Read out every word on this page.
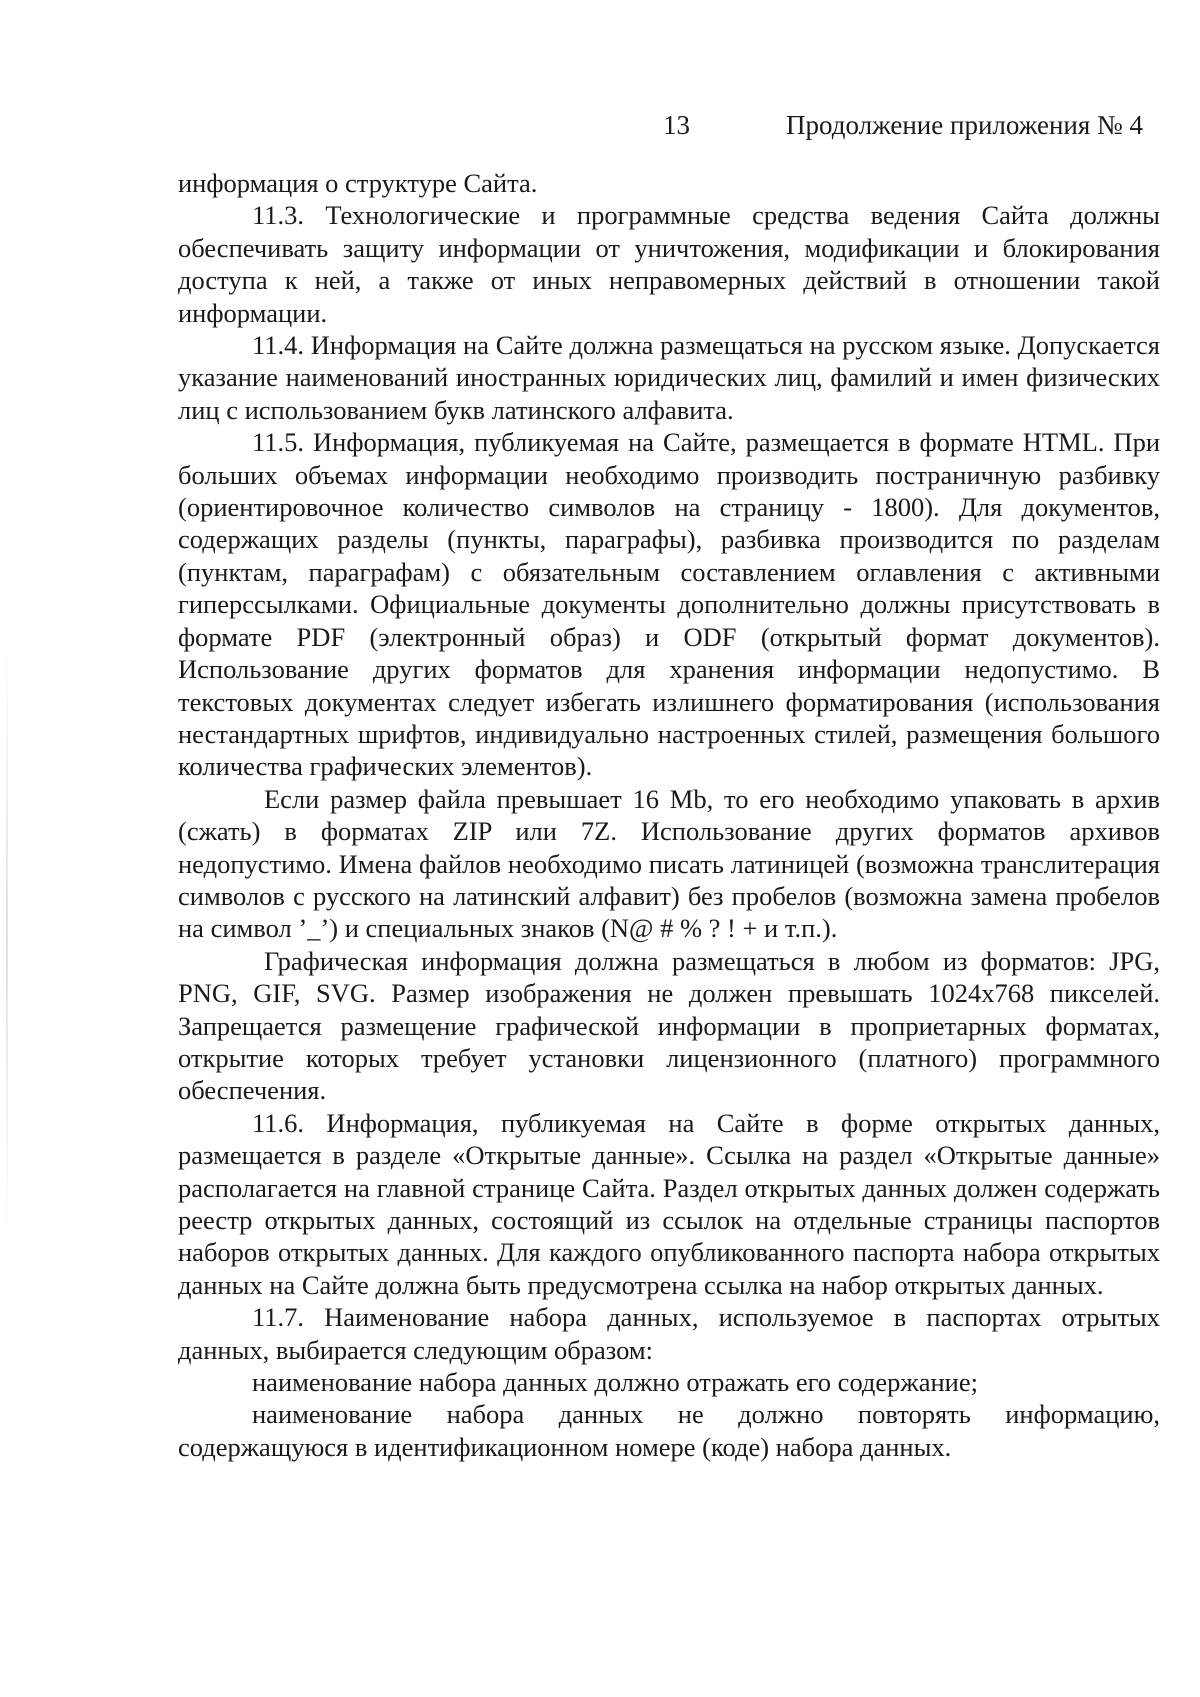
13	Продолжение приложения № 4

информация о структуре Сайта.

11.3. Технологические и программные средства ведения Сайта должны обеспечивать защиту информации от уничтожения, модификации и блокирования доступа к ней, а также от иных неправомерных действий в отношении такой информации.

11.4. Информация на Сайте должна размещаться на русском языке. Допускается указание наименований иностранных юридических лиц, фамилий и имен физических лиц с использованием букв латинского алфавита.

11.5. Информация, публикуемая на Сайте, размещается в формате HTML. При больших объемах информации необходимо производить постраничную разбивку (ориентировочное количество символов на страницу - 1800). Для документов, содержащих разделы (пункты, параграфы), разбивка производится по разделам (пунктам, параграфам) с обязательным составлением оглавления с активными гиперссылками. Официальные документы дополнительно должны присутствовать в формате PDF (электронный образ) и ODF (открытый формат документов). Использование других форматов для хранения информации недопустимо. В текстовых документах следует избегать излишнего форматирования (использования нестандартных шрифтов, индивидуально настроенных стилей, размещения большого количества графических элементов).

Если размер файла превышает 16 Mb, то его необходимо упаковать в архив (сжать) в форматах ZIP или 7Z. Использование других форматов архивов недопустимо. Имена файлов необходимо писать латиницей (возможна транслитерация символов с русского на латинский алфавит) без пробелов (возможна замена пробелов на символ ’_’) и специальных знаков (N@ # % ? ! + и т.п.).

Графическая информация должна размещаться в любом из форматов: JPG, PNG, GIF, SVG. Размер изображения не должен превышать 1024x768 пикселей. Запрещается размещение графической информации в проприетарных форматах, открытие которых требует установки лицензионного (платного) программного обеспечения.

11.6. Информация, публикуемая на Сайте в форме открытых данных, размещается в разделе «Открытые данные». Ссылка на раздел «Открытые данные» располагается на главной странице Сайта. Раздел открытых данных должен содержать реестр открытых данных, состоящий из ссылок на отдельные страницы паспортов наборов открытых данных. Для каждого опубликованного паспорта набора открытых данных на Сайте должна быть предусмотрена ссылка на набор открытых данных.

11.7. Наименование набора данных, используемое в паспортах отрытых данных, выбирается следующим образом:

наименование набора данных должно отражать его содержание;

наименование набора данных не должно повторять информацию, содержащуюся в идентификационном номере (коде) набора данных.
